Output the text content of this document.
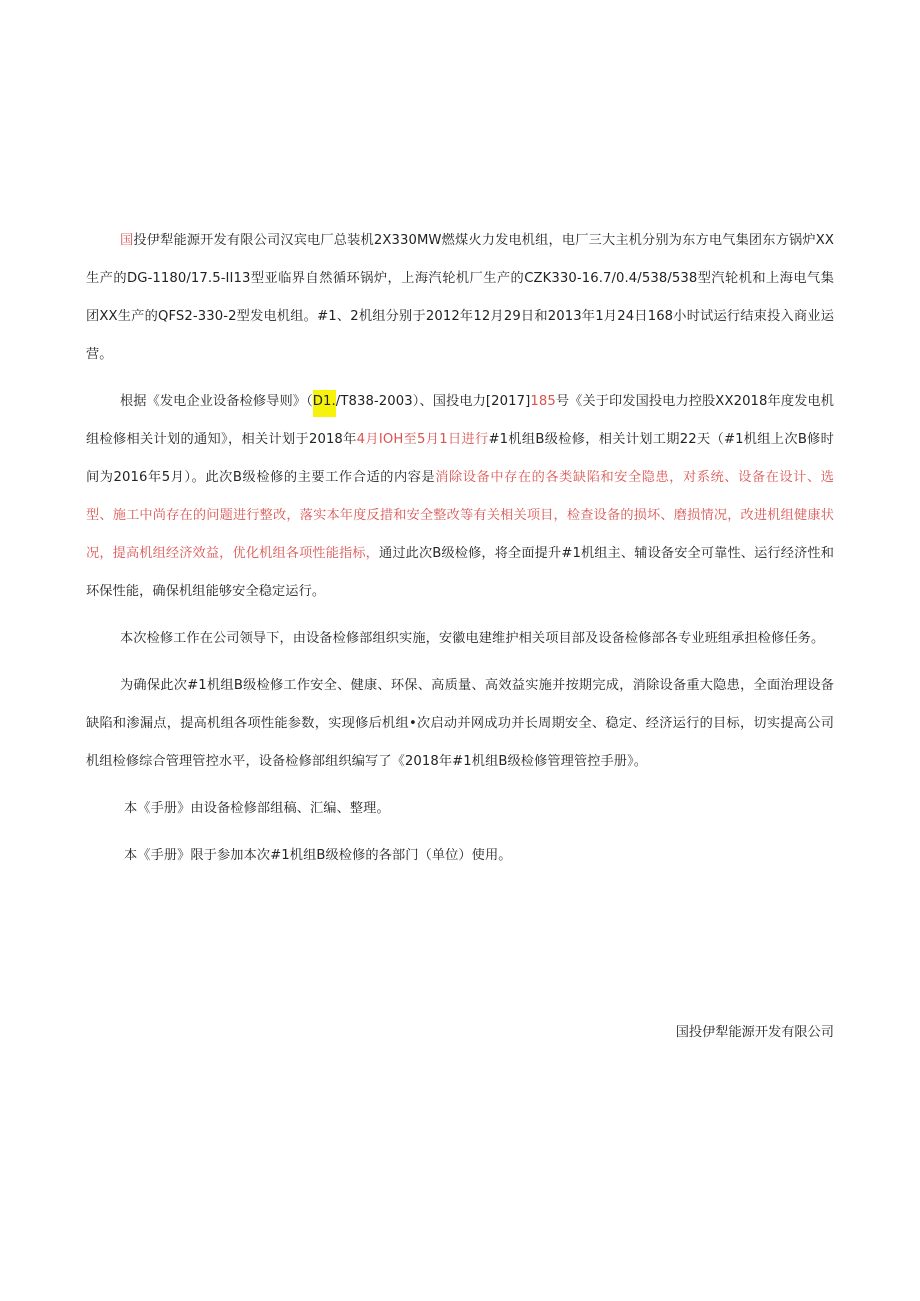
国投伊犁能源开发有限公司汉宾电厂总装机2X330MW燃煤火力发电机组，电厂三大主机分别为东方电气集团东方锅炉XX生产的DG-1180/17.5-II13型亚临界自然循环锅炉，上海汽轮机厂生产的CZK330-16.7/0.4/538/538型汽轮机和上海电气集团XX生产的QFS2-330-2型发电机组。#1、2机组分别于2012年12月29日和2013年1月24日168小时试运行结束投入商业运营。

根据《发电企业设备检修导则》（D1./T838-2003）、国投电力[2017]185号《关于印发国投电力控股XX2018年度发电机组检修相关计划的通知》，相关计划于2018年4月IOH至5月1日进行#1机组B级检修，相关计划工期22天（#1机组上次B修时间为2016年5月）。此次B级检修的主要工作合适的内容是消除设备中存在的各类缺陷和安全隐患，对系统、设备在设计、选型、施工中尚存在的问题进行整改，落实本年度反措和安全整改等有关相关项目，检查设备的损坏、磨损情况，改进机组健康状况，提高机组经济效益，优化机组各项性能指标，通过此次B级检修，将全面提升#1机组主、辅设备安全可靠性、运行经济性和环保性能，确保机组能够安全稳定运行。

本次检修工作在公司领导下，由设备检修部组织实施，安徽电建维护相关项目部及设备检修部各专业班组承担检修任务。

为确保此次#1机组B级检修工作安全、健康、环保、高质量、高效益实施并按期完成，消除设备重大隐患，全面治理设备缺陷和渗漏点，提高机组各项性能参数，实现修后机组•次启动并网成功并长周期安全、稳定、经济运行的目标，切实提高公司机组检修综合管理管控水平，设备检修部组织编写了《2018年#1机组B级检修管理管控手册》。

本《手册》由设备检修部组稿、汇编、整理。

本《手册》限于参加本次#1机组B级检修的各部门（单位）使用。

国投伊犁能源开发有限公司
